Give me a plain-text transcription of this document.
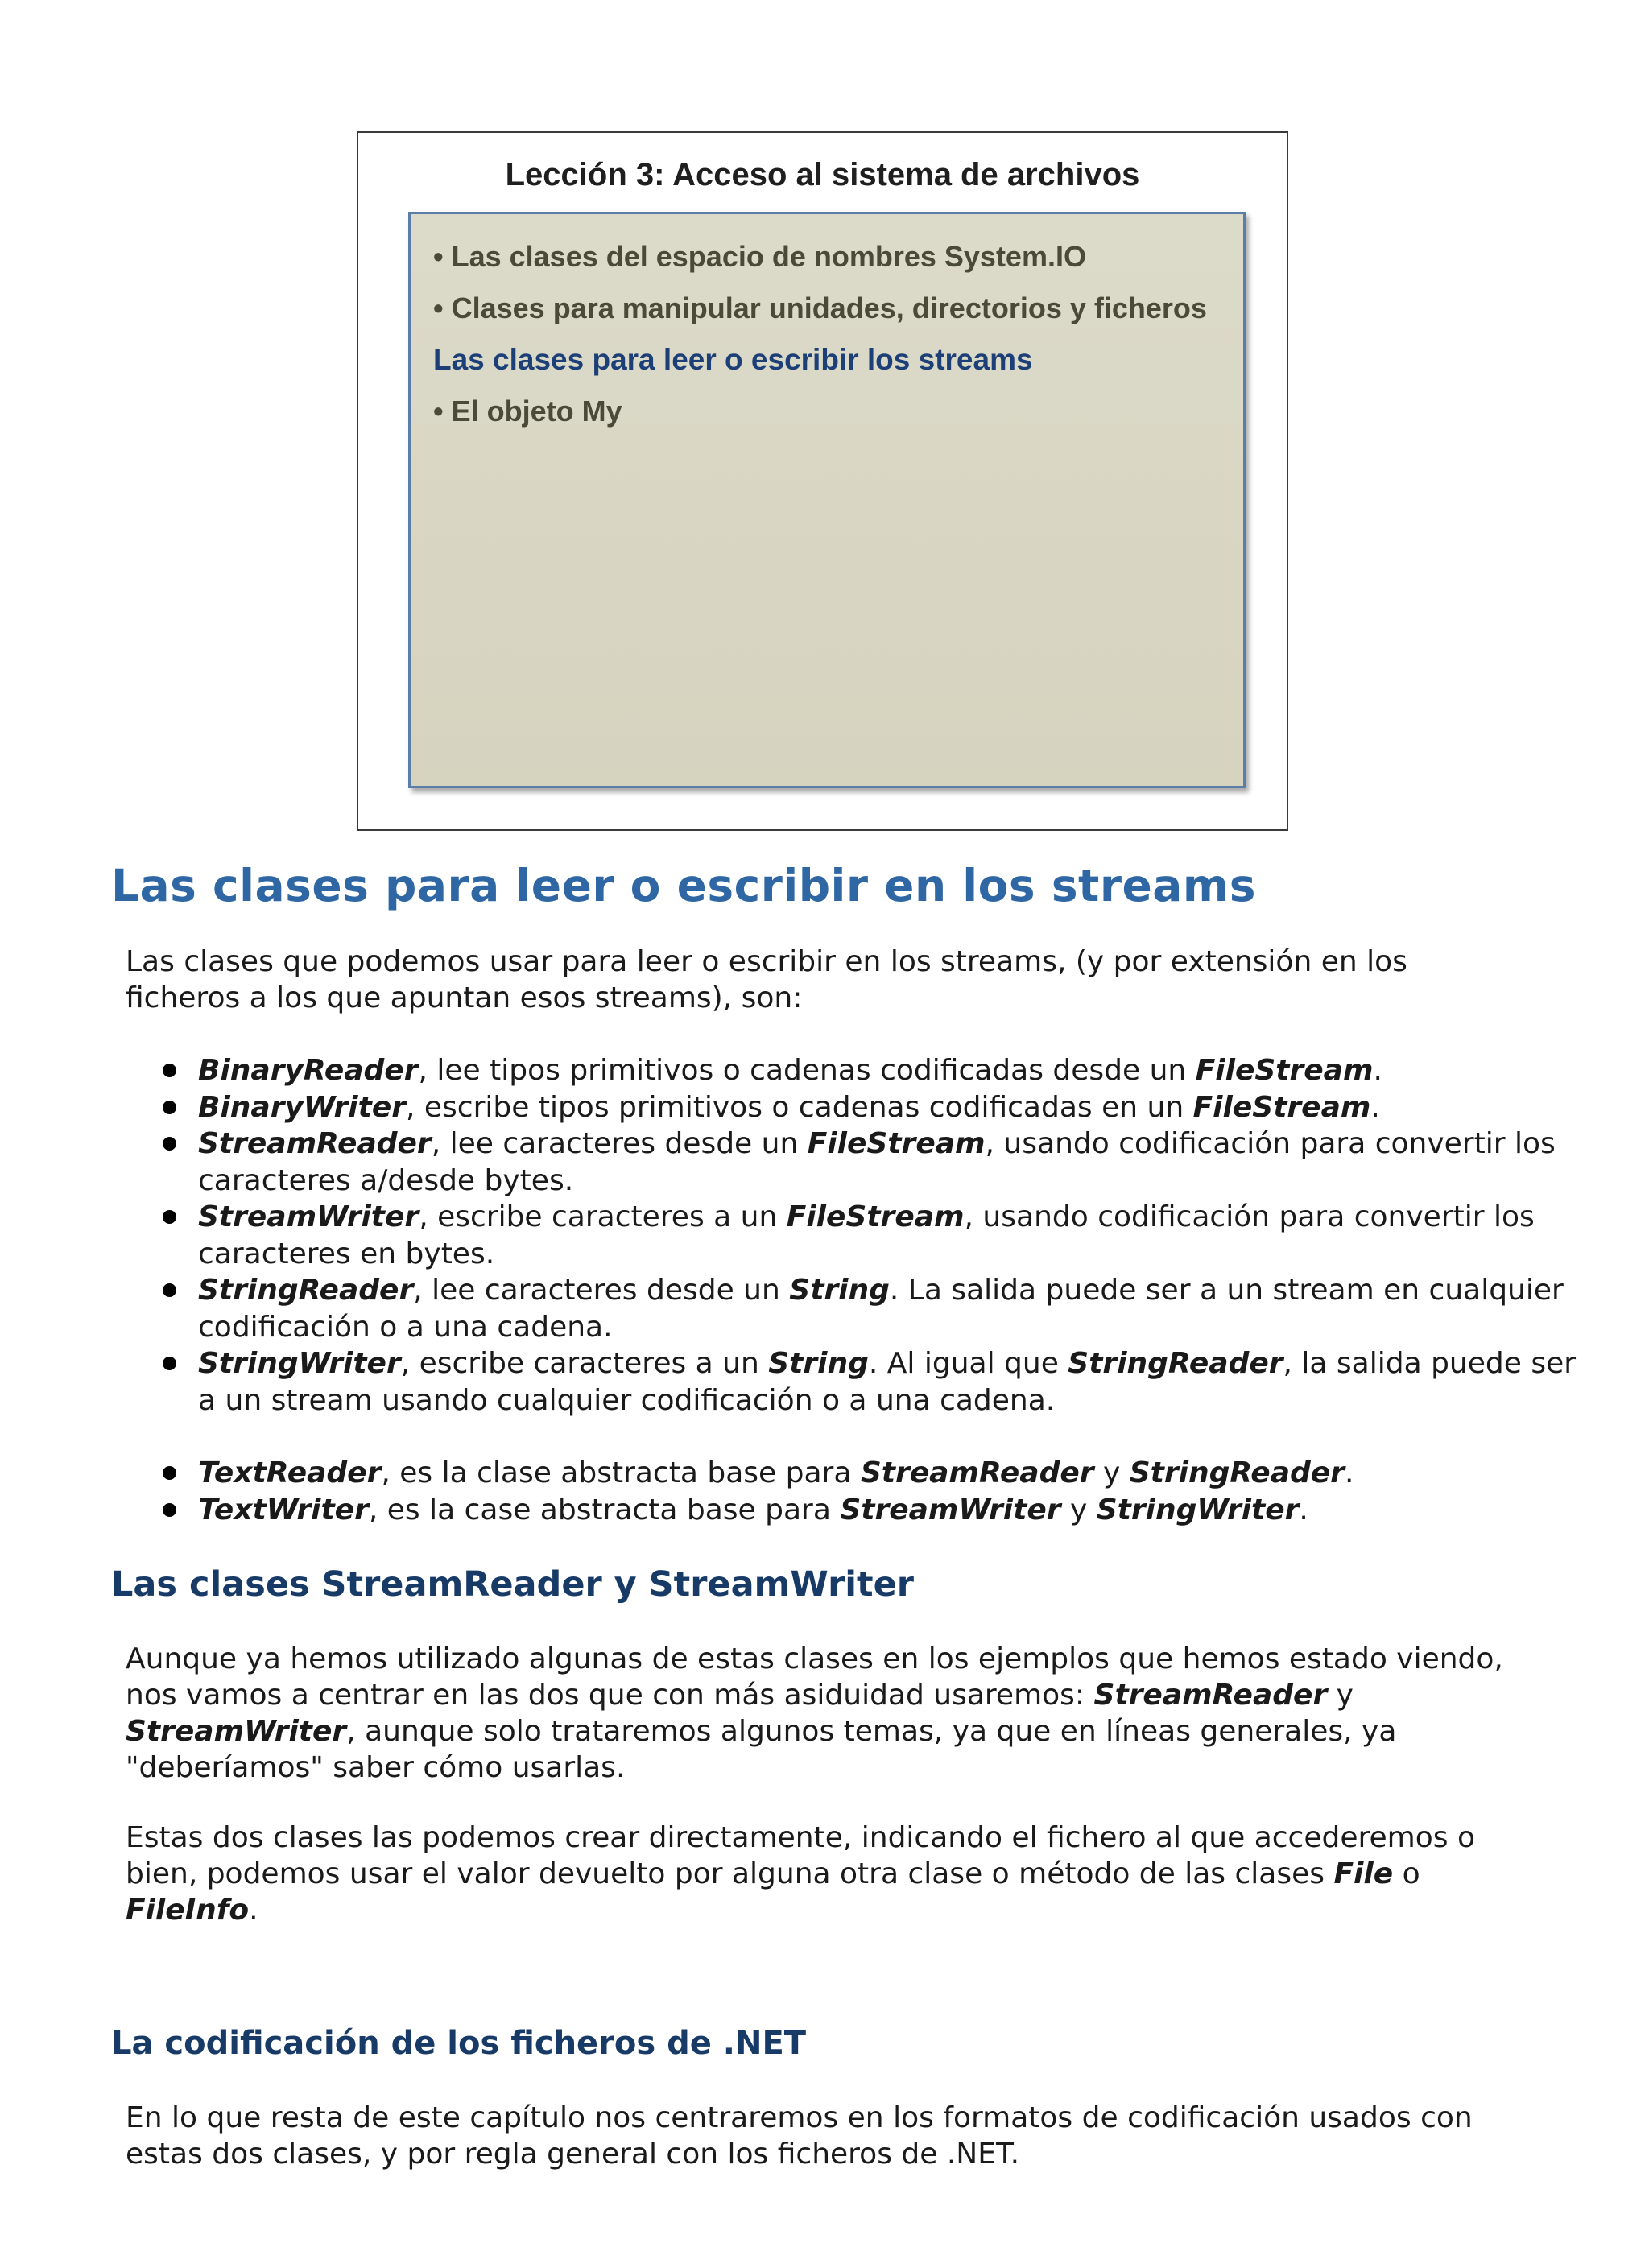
Lección 3: Acceso al sistema de archivos

• Las clases del espacio de nombres System.IO

• Clases para manipular unidades, directorios y ficheros

Las clases para leer o escribir los streams

• El objeto My

Las clases para leer o escribir en los streams

Las clases que podemos usar para leer o escribir en los streams, (y por extensión en los ficheros a los que apuntan esos streams), son:

BinaryReader, lee tipos primitivos o cadenas codificadas desde un FileStream.
BinaryWriter, escribe tipos primitivos o cadenas codificadas en un FileStream.
StreamReader, lee caracteres desde un FileStream, usando codificación para convertir los caracteres a/desde bytes.
StreamWriter, escribe caracteres a un FileStream, usando codificación para convertir los caracteres en bytes.
StringReader, lee caracteres desde un String. La salida puede ser a un stream en cualquier codificación o a una cadena.
StringWriter, escribe caracteres a un String. Al igual que StringReader, la salida puede ser a un stream usando cualquier codificación o a una cadena.
TextReader, es la clase abstracta base para StreamReader y StringReader.
TextWriter, es la case abstracta base para StreamWriter y StringWriter.
Las clases StreamReader y StreamWriter

Aunque ya hemos utilizado algunas de estas clases en los ejemplos que hemos estado viendo, nos vamos a centrar en las dos que con más asiduidad usaremos: StreamReader y StreamWriter, aunque solo trataremos algunos temas, ya que en líneas generales, ya "deberíamos" saber cómo usarlas.

Estas dos clases las podemos crear directamente, indicando el fichero al que accederemos o bien, podemos usar el valor devuelto por alguna otra clase o método de las clases File o FileInfo.

La codificación de los ficheros de .NET

En lo que resta de este capítulo nos centraremos en los formatos de codificación usados con estas dos clases, y por regla general con los ficheros de .NET.
